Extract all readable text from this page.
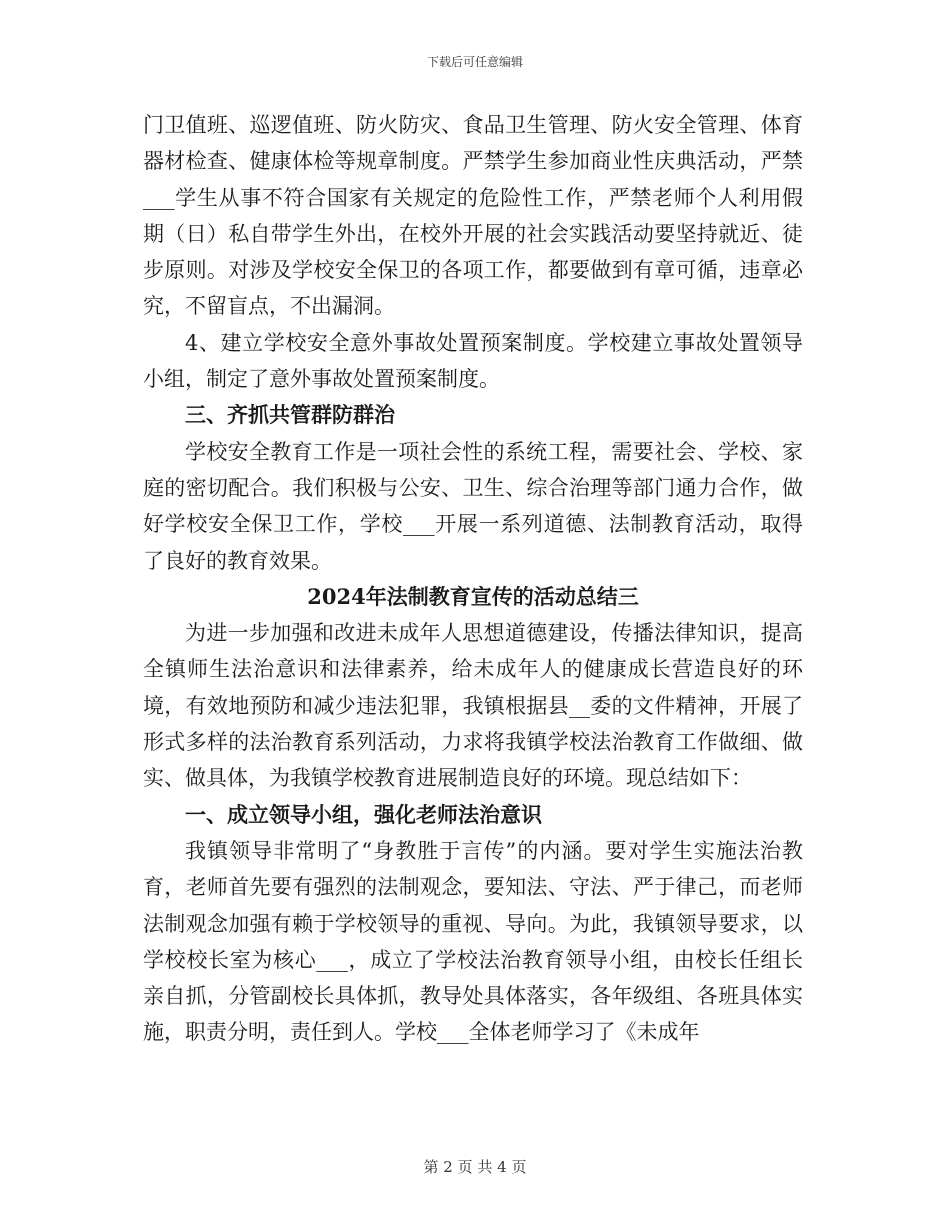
下载后可任意编辑

门卫值班、巡逻值班、防火防灾、食品卫生管理、防火安全管理、体育器材检查、健康体检等规章制度。严禁学生参加商业性庆典活动，严禁___学生从事不符合国家有关规定的危险性工作，严禁老师个人利用假期（日）私自带学生外出，在校外开展的社会实践活动要坚持就近、徒步原则。对涉及学校安全保卫的各项工作，都要做到有章可循，违章必究，不留盲点，不出漏洞。

4、建立学校安全意外事故处置预案制度。学校建立事故处置领导小组，制定了意外事故处置预案制度。

三、齐抓共管群防群治

学校安全教育工作是一项社会性的系统工程，需要社会、学校、家庭的密切配合。我们积极与公安、卫生、综合治理等部门通力合作，做好学校安全保卫工作，学校___开展一系列道德、法制教育活动，取得了良好的教育效果。

2024年法制教育宣传的活动总结三

为进一步加强和改进未成年人思想道德建设，传播法律知识，提高全镇师生法治意识和法律素养，给未成年人的健康成长营造良好的环境，有效地预防和减少违法犯罪，我镇根据县__委的文件精神，开展了形式多样的法治教育系列活动，力求将我镇学校法治教育工作做细、做实、做具体，为我镇学校教育进展制造良好的环境。现总结如下：

一、成立领导小组，强化老师法治意识

我镇领导非常明了“身教胜于言传”的内涵。要对学生实施法治教育，老师首先要有强烈的法制观念，要知法、守法、严于律己，而老师法制观念加强有赖于学校领导的重视、导向。为此，我镇领导要求，以学校校长室为核心___，成立了学校法治教育领导小组，由校长任组长亲自抓，分管副校长具体抓，教导处具体落实，各年级组、各班具体实施，职责分明，责任到人。学校___全体老师学习了《未成年

第 2 页 共 4 页
